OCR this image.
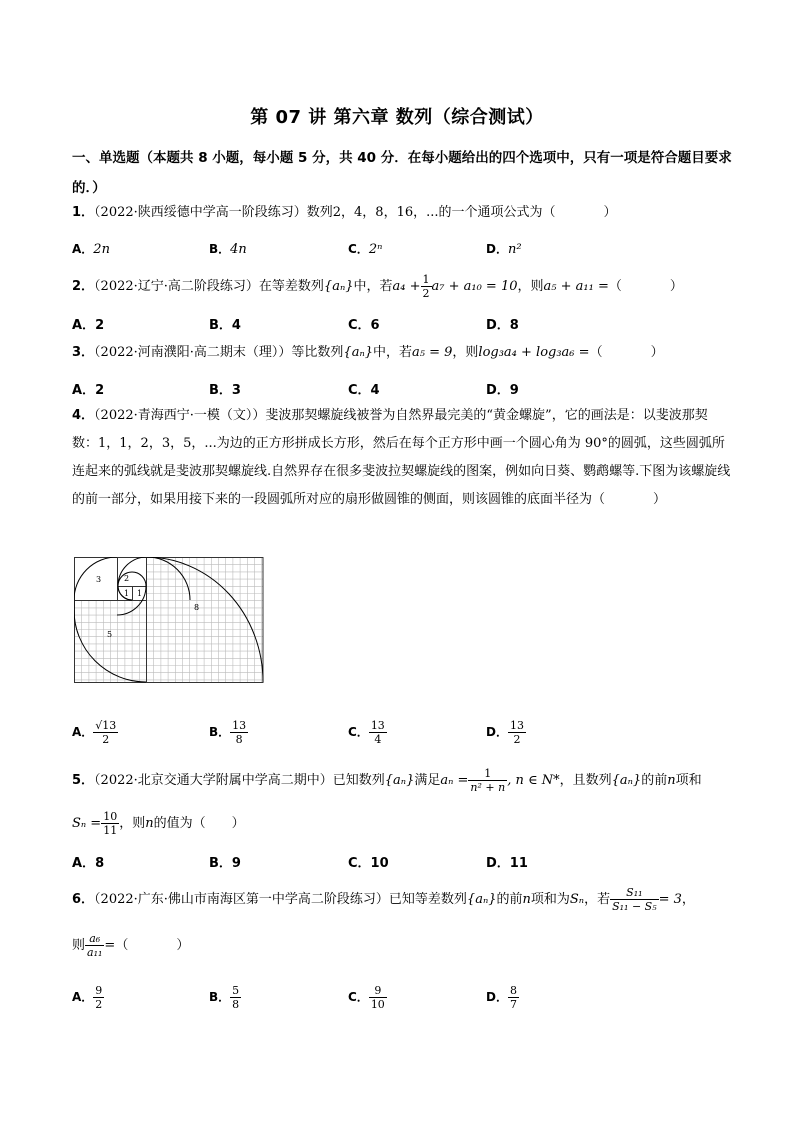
第 07 讲 第六章 数列（综合测试）
一、单选题（本题共 8 小题，每小题 5 分，共 40 分．在每小题给出的四个选项中，只有一项是符合题目要求的．）
1．（2022·陕西绥德中学高一阶段练习）数列2，4，8，16，...的一个通项公式为（	）
A．2n	B．4n	C．2ⁿ	D．n²
2．（2022·辽宁·高二阶段练习）在等差数列{aₙ}中，若$a_4 + \frac{1}{2} a_7 + a_{10} = 10$，则a₅ + a₁₁ =（	）
A．2	B．4	C．6	D．8
3．（2022·河南濮阳·高二期末（理））等比数列{aₙ}中，若a₅ = 9，则log₃a₄ + log₃a₆ =（	）
A．2	B．3	C．4	D．9
4．（2022·青海西宁·一模（文））斐波那契螺旋线被誉为自然界最完美的“黄金螺旋”，它的画法是：以斐波那契数：1，1，2，3，5，...为边的正方形拼成长方形，然后在每个正方形中画一个圆心角为 90°的圆弧，这些圆弧所连起来的弧线就是斐波那契螺旋线.自然界存在很多斐波拉契螺旋线的图案，例如向日葵、鹦鹉螺等.下图为该螺旋线的前一部分，如果用接下来的一段圆弧所对应的扇形做圆锥的侧面，则该圆锥的底面半径为（	）
3	2
1 1
8
5
A． $\frac{√13}{2}$	B． $\frac{13}{8}$	C． $\frac{13}{4}$	D． $\frac{13}{2}$
5．（2022·北京交通大学附属中学高二期中）已知数列{aₙ}满足$a_n = \frac{1}{\text{n² + n}}$ , n ∈ N*，且数列{aₙ}的前n项和
$S_n = \frac{10}{11}$ ，则n的值为（ ）
A．8	B．9	C．10	D．11
6．（2022·广东·佛山市南海区第一中学高二阶段练习）已知等差数列{aₙ}的前n项和为Sₙ，若 $\frac{\text{S₁₁}}{\text{S₁₁ − S₅}} = 3$，
则 $\frac{\text{a₆}}{\text{a₁₁}}$ =（	）
A． $\frac{9}{2}$	B． $\frac{5}{8}$	C． $\frac{9}{10}$	D． $\frac{8}{7}$
